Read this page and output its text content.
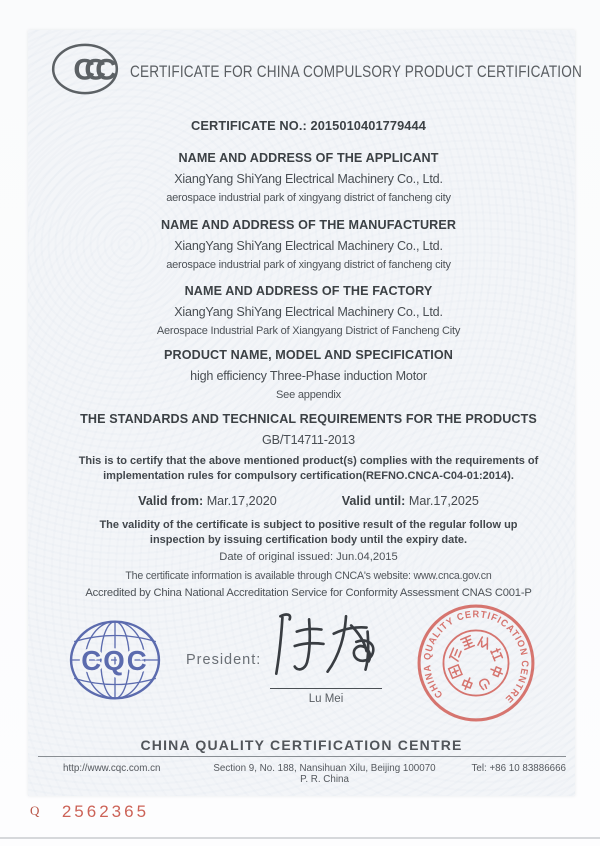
CCC	CERTIFICATE FOR CHINA COMPULSORY PRODUCT CERTIFICATION
CERTIFICATE NO.: 2015010401779444
NAME AND ADDRESS OF THE APPLICANT
XiangYang ShiYang Electrical Machinery Co., Ltd.
aerospace industrial park of xingyang district of fancheng city
NAME AND ADDRESS OF THE MANUFACTURER
XiangYang ShiYang Electrical Machinery Co., Ltd.
aerospace industrial park of xingyang district of fancheng city
NAME AND ADDRESS OF THE FACTORY
XiangYang ShiYang Electrical Machinery Co., Ltd.
Aerospace Industrial Park of Xiangyang District of Fancheng City
PRODUCT NAME, MODEL AND SPECIFICATION
high efficiency Three-Phase induction Motor
See appendix
THE STANDARDS AND TECHNICAL REQUIREMENTS FOR THE PRODUCTS
GB/T14711-2013
This is to certify that the above mentioned product(s) complies with the requirements of implementation rules for compulsory certification(REFNO.CNCA-C04-01:2014).
Valid from: Mar.17,2020	Valid until: Mar.17,2025
The validity of the certificate is subject to positive result of the regular follow up inspection by issuing certification body until the expiry date.
Date of original issued: Jun.04,2015
The certificate information is available through CNCA's website: www.cnca.gov.cn
Accredited by China National Accreditation Service for Conformity Assessment CNAS C001-P
CQC	President:
Lu Mei	CHINA QUALITY CERTIFICATION CENTRE
CHINA QUALITY CERTIFICATION CENTRE
http://www.cqc.com.cn	Section 9, No. 188, Nansihuan Xilu, Beijing 100070 P. R. China
Tel: +86 10 83886666
Q 2562365
